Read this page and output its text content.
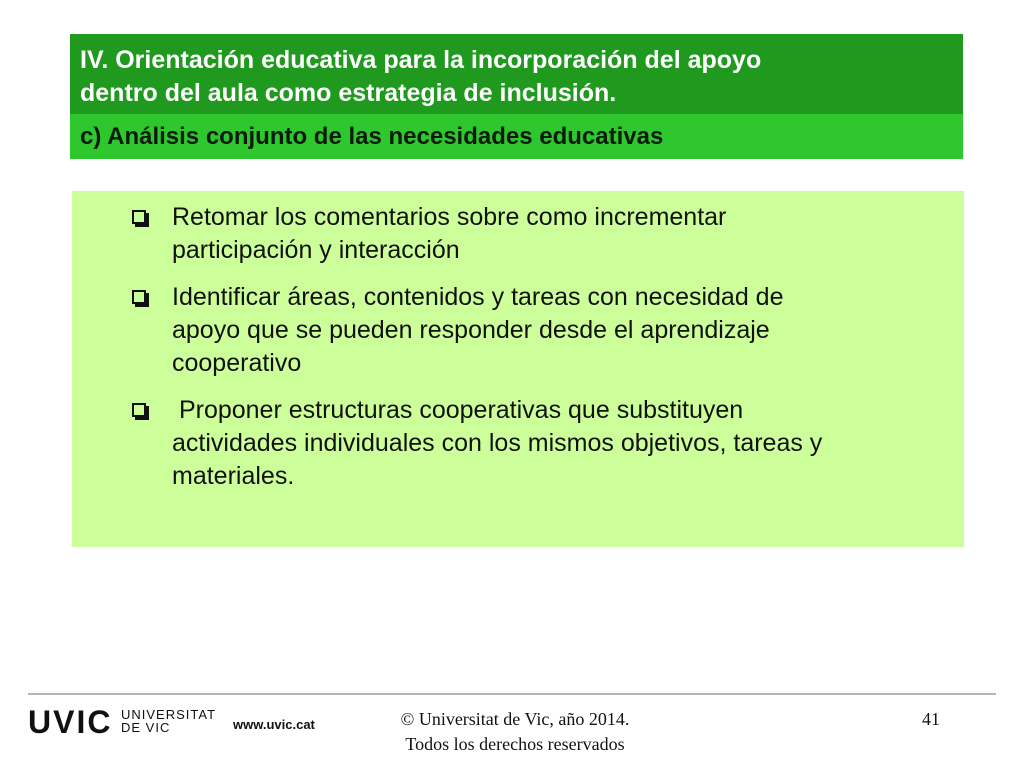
IV. Orientación educativa para la incorporación del apoyo
dentro del aula como estrategia de inclusión.
c) Análisis conjunto de las necesidades educativas
Retomar los comentarios sobre como incrementar
participación y interacción
Identificar áreas, contenidos y tareas con necesidad de
apoyo que se pueden responder desde el aprendizaje
cooperativo
Proponer estructuras cooperativas que substituyen
actividades individuales con los mismos objetivos, tareas y
materiales.
UVIC UNIVERSITAT
DE VIC	www.uvic.cat	© Universitat de Vic, año 2014.
Todos los derechos reservados
41
